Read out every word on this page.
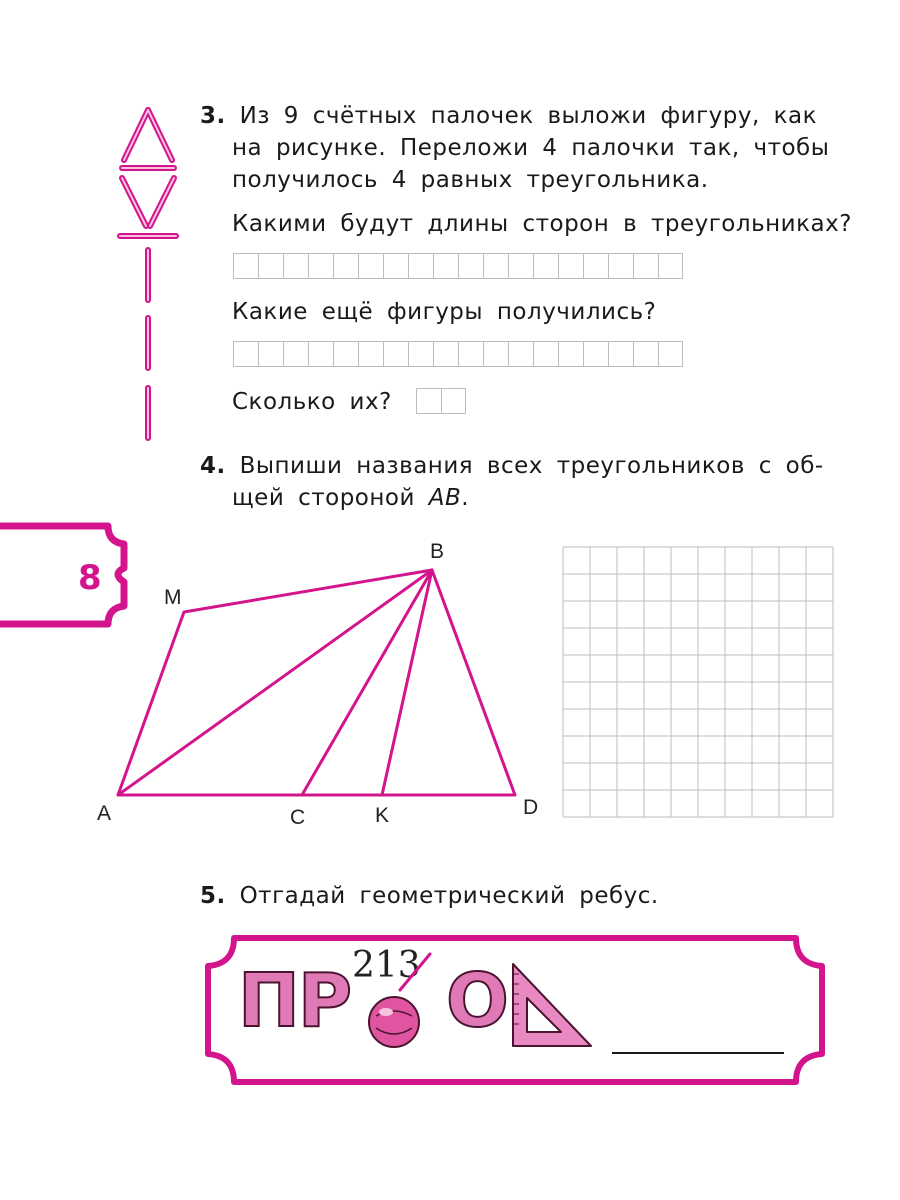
3. Из 9 счётных палочек выложи фигуру, как
на рисунке. Переложи 4 палочки так, чтобы
получилось 4 равных треугольника.
Какими будут длины сторон в треугольниках?
Какие ещё фигуры получились?
Сколько их?
4. Выпиши названия всех треугольников с об-
щей стороной AB.
8	M
B
A	C	K	D
5. Отгадай геометрический ребус.
ПР 213 О
